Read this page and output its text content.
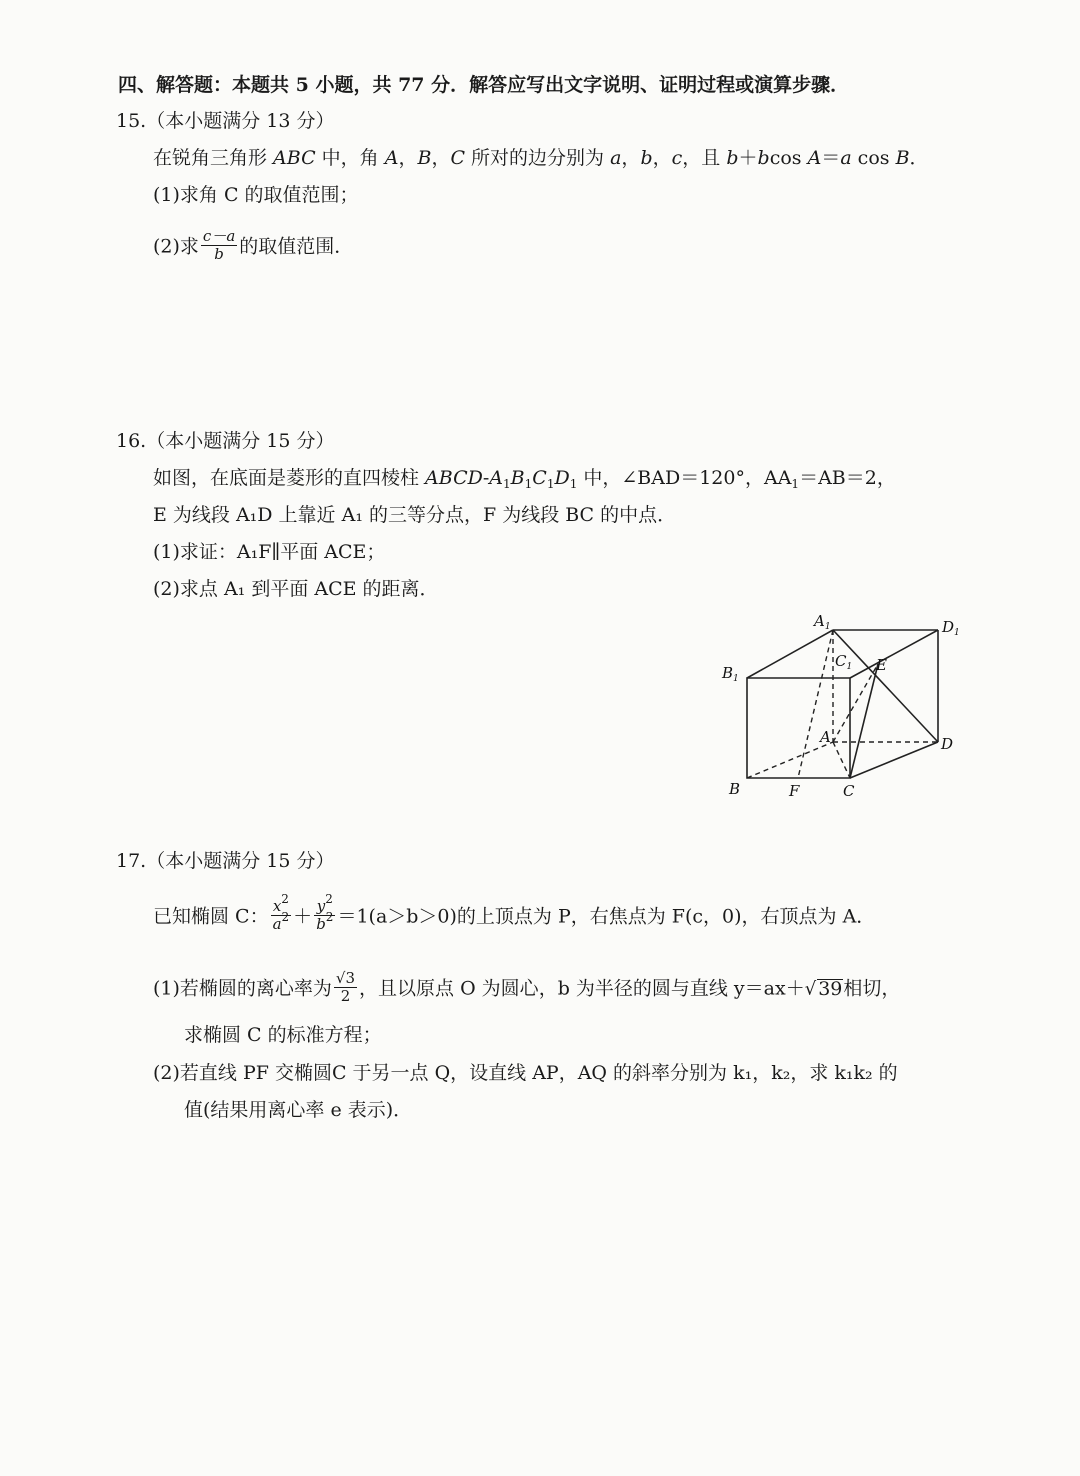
四、解答题：本题共 5 小题，共 77 分．解答应写出文字说明、证明过程或演算步骤．
15.（本小题满分 13 分）
在锐角三角形 ABC 中，角 A，B，C 所对的边分别为 a，b，c，且 b＋bcos A＝a cos B．
(1)求角 C 的取值范围；
(2)求 $\frac{c-a}{b}$ 的取值范围．
16.（本小题满分 15 分）
如图，在底面是菱形的直四棱柱 ABCD-$A_1B_1C_1D_1$ 中，∠BAD＝120°，$AA_1=AB=2$，
E 为线段 A₁D 上靠近 A₁ 的三等分点，F 为线段 BC 的中点．
(1)求证：A₁F∥平面 ACE；
(2)求点 A₁ 到平面 ACE 的距离．
$A_1$	$D_1$
$B_1$
$C_1$ E
A	D
B	F	C
17.（本小题满分 15 分）
已知椭圆 C： $\frac{x^2}{a^2} + \frac{y^2}{b^2} =1(a>b>0)$的上顶点为 P，右焦点为 F(c，0)，右顶点为 A．
(1)若椭圆的离心率为 $\frac{√3}{2}$ ，且以原点 O 为圆心，b 为半径的圆与直线 y＝ax＋√ 39相切，
求椭圆 C 的标准方程；
(2)若直线 PF 交椭圆C 于另一点 Q，设直线 AP，AQ 的斜率分别为 k₁，k₂，求 k₁k₂ 的
值(结果用离心率 e 表示)．
